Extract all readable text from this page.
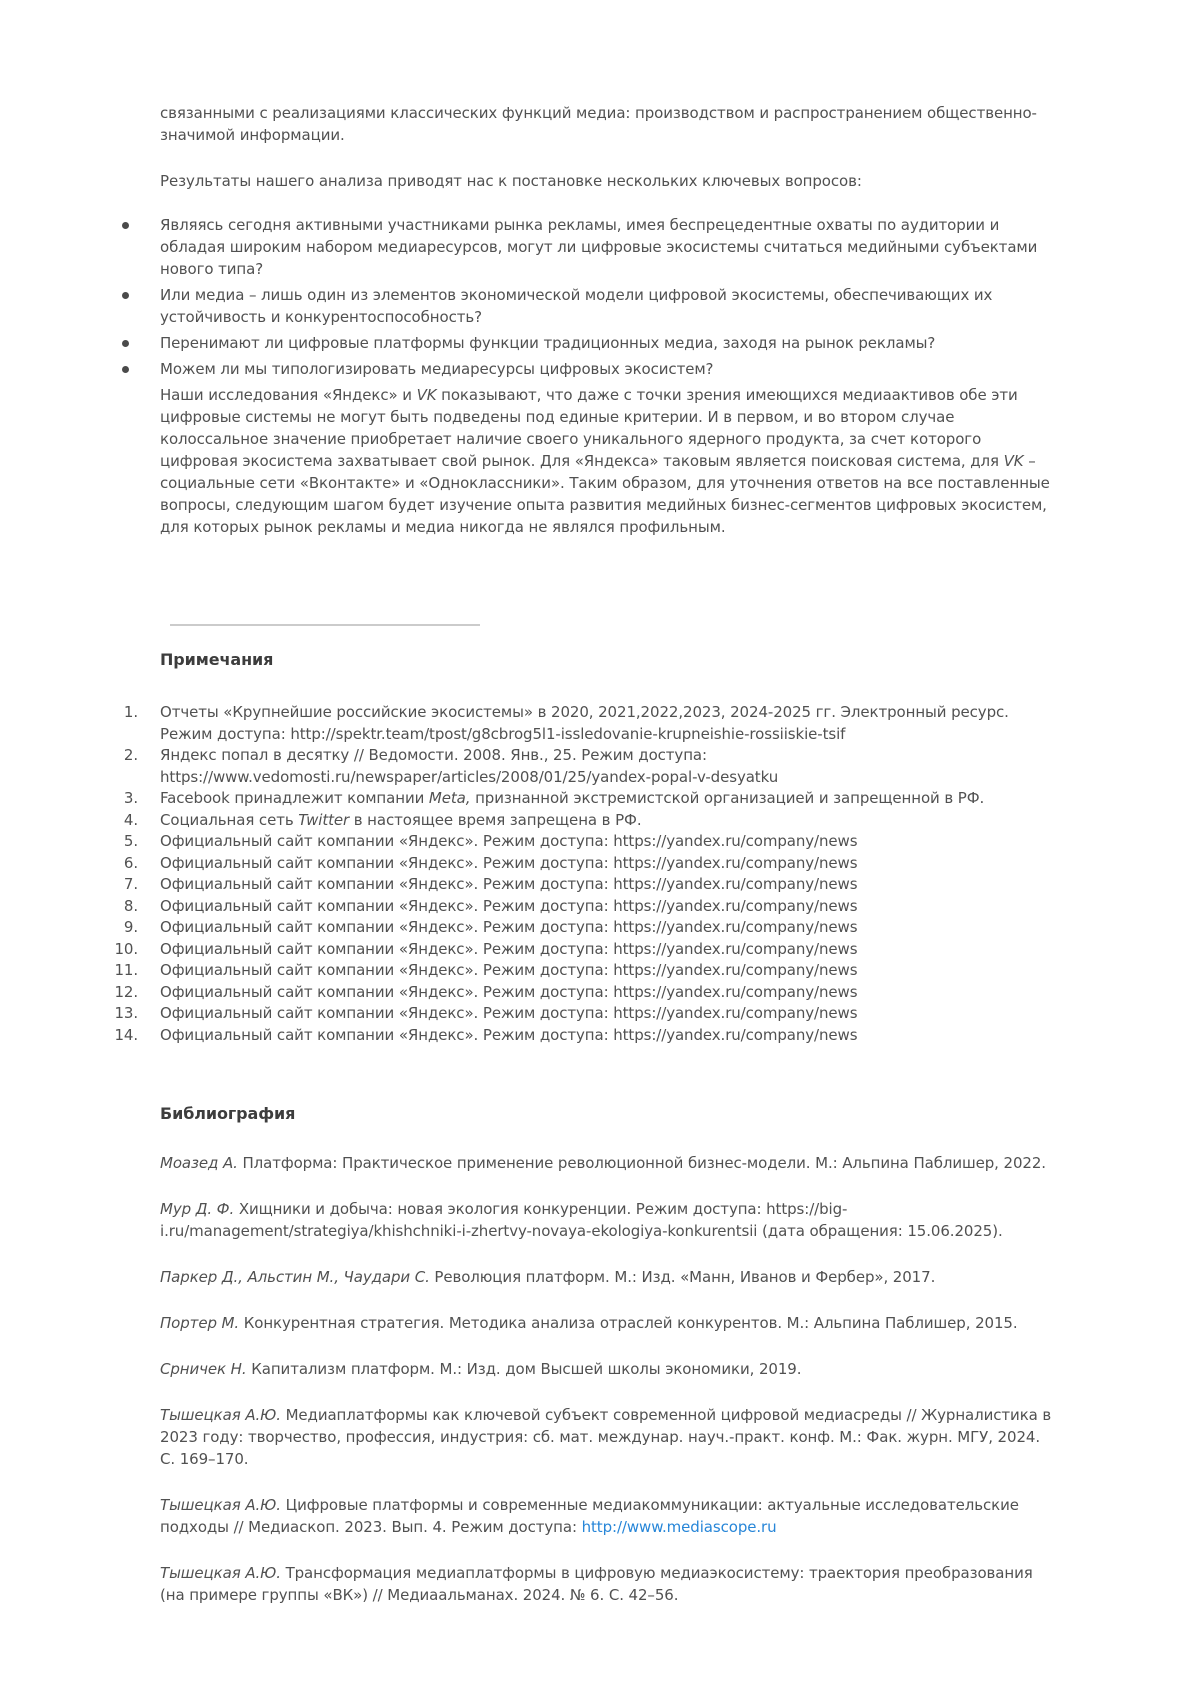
связанными с реализациями классических функций медиа: производством и распространением общественно-значимой информации.

Результаты нашего анализа приводят нас к постановке нескольких ключевых вопросов:

Являясь сегодня активными участниками рынка рекламы, имея беспрецедентные охваты по аудитории и обладая широким набором медиаресурсов, могут ли цифровые экосистемы считаться медийными субъектами нового типа?
Или медиа – лишь один из элементов экономической модели цифровой экосистемы, обеспечивающих их устойчивость и конкурентоспособность?
Перенимают ли цифровые платформы функции традиционных медиа, заходя на рынок рекламы?
Можем ли мы типологизировать медиаресурсы цифровых экосистем?

Наши исследования «Яндекс» и VK показывают, что даже с точки зрения имеющихся медиаактивов обе эти цифровые системы не могут быть подведены под единые критерии. И в первом, и во втором случае колоссальное значение приобретает наличие своего уникального ядерного продукта, за счет которого цифровая экосистема захватывает свой рынок. Для «Яндекса» таковым является поисковая система, для VK – социальные сети «Вконтакте» и «Одноклассники». Таким образом, для уточнения ответов на все поставленные вопросы, следующим шагом будет изучение опыта развития медийных бизнес-сегментов цифровых экосистем, для которых рынок рекламы и медиа никогда не являлся профильным.

Примечания
Отчеты «Крупнейшие российские экосистемы» в 2020, 2021,2022,2023, 2024-2025 гг. Электронный ресурс. Режим доступа: http://spektr.team/tpost/g8cbrog5l1-issledovanie-krupneishie-rossiiskie-tsif
Яндекс попал в десятку // Ведомости. 2008. Янв., 25. Режим доступа: https://www.vedomosti.ru/newspaper/articles/2008/01/25/yandex-popal-v-desyatku
Facebook принадлежит компании Meta, признанной экстремистской организацией и запрещенной в РФ.
Социальная сеть Twitter в настоящее время запрещена в РФ.
Официальный сайт компании «Яндекс». Режим доступа: https://yandex.ru/company/news
Официальный сайт компании «Яндекс». Режим доступа: https://yandex.ru/company/news
Официальный сайт компании «Яндекс». Режим доступа: https://yandex.ru/company/news
Официальный сайт компании «Яндекс». Режим доступа: https://yandex.ru/company/news
Официальный сайт компании «Яндекс». Режим доступа: https://yandex.ru/company/news
Официальный сайт компании «Яндекс». Режим доступа: https://yandex.ru/company/news
Официальный сайт компании «Яндекс». Режим доступа: https://yandex.ru/company/news
Официальный сайт компании «Яндекс». Режим доступа: https://yandex.ru/company/news
Официальный сайт компании «Яндекс». Режим доступа: https://yandex.ru/company/news
Официальный сайт компании «Яндекс». Режим доступа: https://yandex.ru/company/news
Библиография

Моазед А. Платформа: Практическое применение революционной бизнес-модели. М.: Альпина Паблишер, 2022.

Мур Д. Ф. Хищники и добыча: новая экология конкуренции. Режим доступа: https://big-i.ru/management/strategiya/khishchniki-i-zhertvy-novaya-ekologiya-konkurentsii (дата обращения: 15.06.2025).

Паркер Д., Альстин М., Чаудари С. Революция платформ. М.: Изд. «Манн, Иванов и Фербер», 2017.

Портер М. Конкурентная стратегия. Методика анализа отраслей конкурентов. М.: Альпина Паблишер, 2015.

Срничек Н. Капитализм платформ. М.: Изд. дом Высшей школы экономики, 2019.

Тышецкая А.Ю. Медиаплатформы как ключевой субъект современной цифровой медиасреды // Журналистика в 2023 году: творчество, профессия, индустрия: сб. мат. междунар. науч.-практ. конф. М.: Фак. журн. МГУ, 2024. С. 169–170.

Тышецкая А.Ю. Цифровые платформы и современные медиакоммуникации: актуальные исследовательские подходы // Медиаскоп. 2023. Вып. 4. Режим доступа: http://www.mediascope.ru

Тышецкая А.Ю. Трансформация медиаплатформы в цифровую медиаэкосистему: траектория преобразования (на примере группы «ВК») // Медиаальманах. 2024. № 6. С. 42–56.
